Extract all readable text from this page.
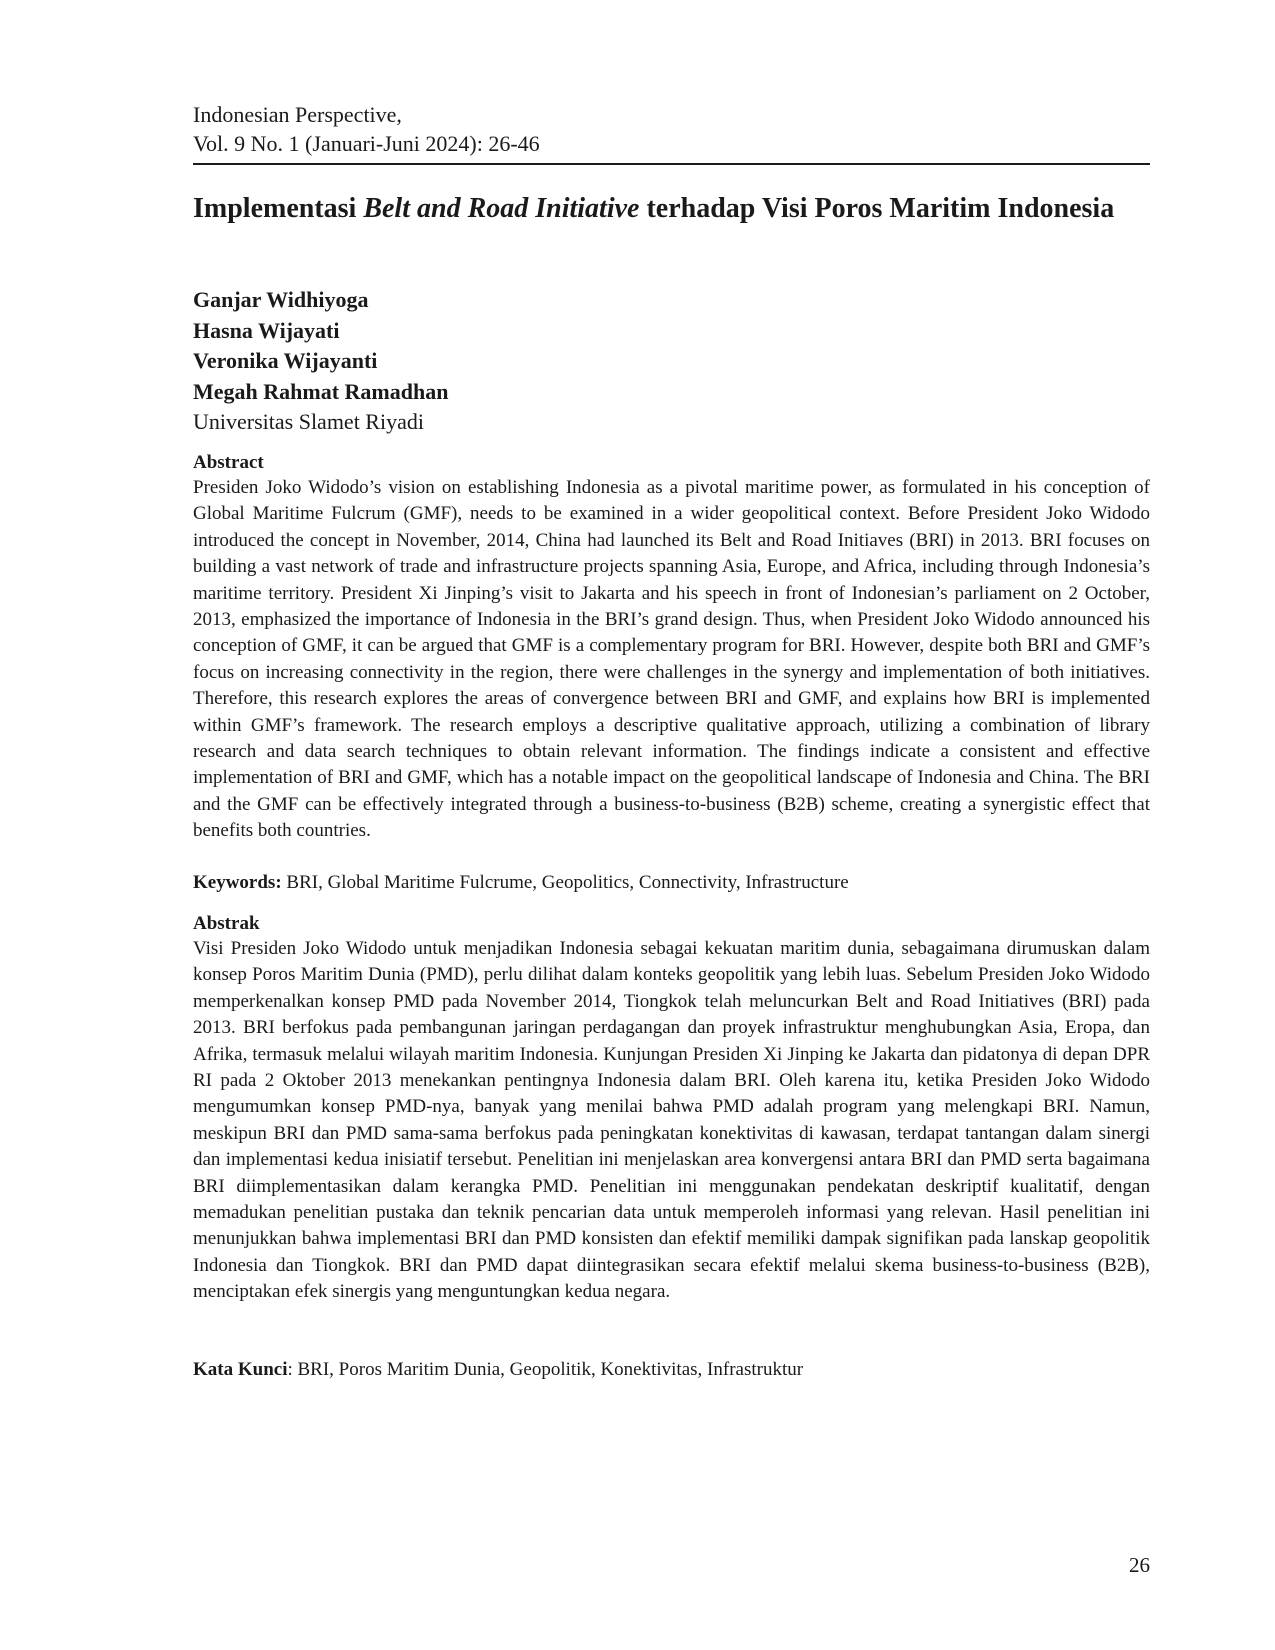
Indonesian Perspective,
Vol. 9 No. 1 (Januari-Juni 2024): 26-46
Implementasi Belt and Road Initiative terhadap Visi Poros Maritim Indonesia
Ganjar Widhiyoga
Hasna Wijayati
Veronika Wijayanti
Megah Rahmat Ramadhan
Universitas Slamet Riyadi
Abstract

Presiden Joko Widodo’s vision on establishing Indonesia as a pivotal maritime power, as formulated in his conception of Global Maritime Fulcrum (GMF), needs to be examined in a wider geopolitical context. Before President Joko Widodo introduced the concept in November, 2014, China had launched its Belt and Road Initiaves (BRI) in 2013. BRI focuses on building a vast network of trade and infrastructure projects spanning Asia, Europe, and Africa, including through Indonesia’s maritime territory. President Xi Jinping’s visit to Jakarta and his speech in front of Indonesian’s parliament on 2 October, 2013, emphasized the importance of Indonesia in the BRI’s grand design. Thus, when President Joko Widodo announced his conception of GMF, it can be argued that GMF is a complementary program for BRI. However, despite both BRI and GMF’s focus on increasing connectivity in the region, there were challenges in the synergy and implementation of both initiatives. Therefore, this research explores the areas of convergence between BRI and GMF, and explains how BRI is implemented within GMF’s framework. The research employs a descriptive qualitative approach, utilizing a combination of library research and data search techniques to obtain relevant information. The findings indicate a consistent and effective implementation of BRI and GMF, which has a notable impact on the geopolitical landscape of Indonesia and China. The BRI and the GMF can be effectively integrated through a business-to-business (B2B) scheme, creating a synergistic effect that benefits both countries.

Keywords: BRI, Global Maritime Fulcrume, Geopolitics, Connectivity, Infrastructure
Abstrak

Visi Presiden Joko Widodo untuk menjadikan Indonesia sebagai kekuatan maritim dunia, sebagaimana dirumuskan dalam konsep Poros Maritim Dunia (PMD), perlu dilihat dalam konteks geopolitik yang lebih luas. Sebelum Presiden Joko Widodo memperkenalkan konsep PMD pada November 2014, Tiongkok telah meluncurkan Belt and Road Initiatives (BRI) pada 2013. BRI berfokus pada pembangunan jaringan perdagangan dan proyek infrastruktur menghubungkan Asia, Eropa, dan Afrika, termasuk melalui wilayah maritim Indonesia. Kunjungan Presiden Xi Jinping ke Jakarta dan pidatonya di depan DPR RI pada 2 Oktober 2013 menekankan pentingnya Indonesia dalam BRI. Oleh karena itu, ketika Presiden Joko Widodo mengumumkan konsep PMD-nya, banyak yang menilai bahwa PMD adalah program yang melengkapi BRI. Namun, meskipun BRI dan PMD sama-sama berfokus pada peningkatan konektivitas di kawasan, terdapat tantangan dalam sinergi dan implementasi kedua inisiatif tersebut. Penelitian ini menjelaskan area konvergensi antara BRI dan PMD serta bagaimana BRI diimplementasikan dalam kerangka PMD. Penelitian ini menggunakan pendekatan deskriptif kualitatif, dengan memadukan penelitian pustaka dan teknik pencarian data untuk memperoleh informasi yang relevan. Hasil penelitian ini menunjukkan bahwa implementasi BRI dan PMD konsisten dan efektif memiliki dampak signifikan pada lanskap geopolitik Indonesia dan Tiongkok. BRI dan PMD dapat diintegrasikan secara efektif melalui skema business-to-business (B2B), menciptakan efek sinergis yang menguntungkan kedua negara.

Kata Kunci: BRI, Poros Maritim Dunia, Geopolitik, Konektivitas, Infrastruktur
26
